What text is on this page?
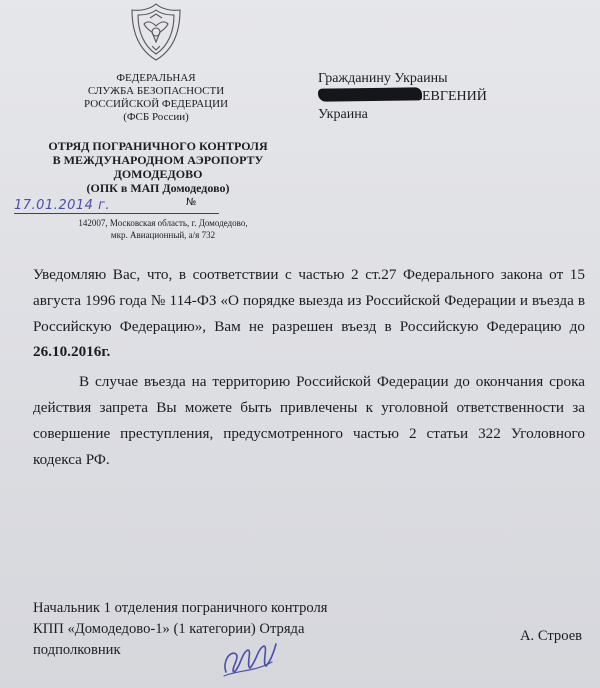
ФЕДЕРАЛЬНАЯ
СЛУЖБА БЕЗОПАСНОСТИ
РОССИЙСКОЙ ФЕДЕРАЦИИ
(ФСБ России)
ОТРЯД ПОГРАНИЧНОГО КОНТРОЛЯ
В МЕЖДУНАРОДНОМ АЭРОПОРТУ
ДОМОДЕДОВО
(ОПК в МАП Домодедово)
17.01.2014 г.	№
142007, Московская область, г. Домодедово,
мкр. Авиационный, а/я 732
Гражданину Украины
ЕВГЕНИЙ
Украина

Уведомляю Вас, что, в соответствии с частью 2 ст.27 Федерального закона от 15 августа 1996 года № 114-ФЗ «О порядке выезда из Российской Федерации и въезда в Российскую Федерацию», Вам не разрешен въезд в Российскую Федерацию до 26.10.2016г.

В случае въезда на территорию Российской Федерации до окончания срока действия запрета Вы можете быть привлечены к уголовной ответственности за совершение преступления, предусмотренного частью 2 статьи 322 Уголовного кодекса РФ.

Начальник 1 отделения пограничного контроля
КПП «Домодедово-1» (1 категории) Отряда
подполковник
А. Строев
